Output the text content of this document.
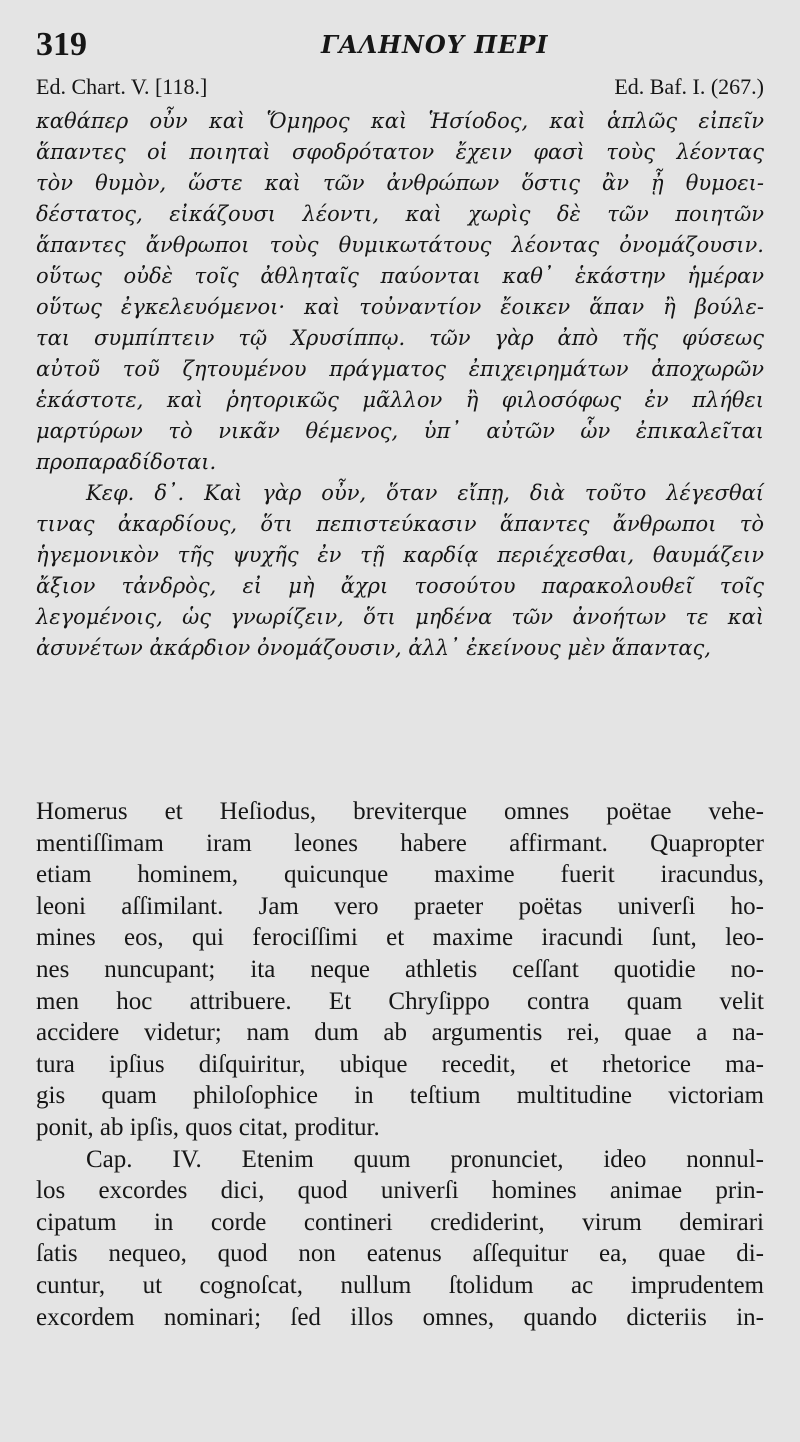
319	ΓΑΛΗΝΟΥ ΠΕΡΙ
Ed. Chart. V. [118.]	Ed. Baf. I. (267.)
καθάπερ οὖν καὶ Ὅμηρος καὶ Ἡσίοδος, καὶ ἁπλῶς εἰπεῖν
ἅπαντες οἱ ποιηταὶ σφοδρότατον ἔχειν φασὶ τοὺς λέοντας
τὸν θυμὸν, ὥστε καὶ τῶν ἀνθρώπων ὅστις ἂν ᾖ θυμοει-
δέστατος, εἰκάζουσι λέοντι, καὶ χωρὶς δὲ τῶν ποιητῶν
ἅπαντες ἄνθρωποι τοὺς θυμικωτάτους λέοντας ὀνομάζουσιν.
οὕτως οὐδὲ τοῖς ἀθληταῖς παύονται καθ᾽ ἑκάστην ἡμέραν
οὕτως ἐγκελευόμενοι· καὶ τοὐναντίον ἔοικεν ἅπαν ἢ βούλε-
ται συμπίπτειν τῷ Χρυσίππῳ. τῶν γὰρ ἀπὸ τῆς φύσεως
αὐτοῦ τοῦ ζητουμένου πράγματος ἐπιχειρημάτων ἀποχωρῶν
ἑκάστοτε, καὶ ῥητορικῶς μᾶλλον ἢ φιλοσόφως ἐν πλήθει
μαρτύρων τὸ νικᾶν θέμενος, ὑπ᾽ αὐτῶν ὧν ἐπικαλεῖται
προπαραδίδοται.
Κεφ. δ᾽. Καὶ γὰρ οὖν, ὅταν εἴπῃ, διὰ τοῦτο λέγεσθαί
τινας ἀκαρδίους, ὅτι πεπιστεύκασιν ἅπαντες ἄνθρωποι τὸ
ἡγεμονικὸν τῆς ψυχῆς ἐν τῇ καρδίᾳ περιέχεσθαι, θαυμάζειν
ἄξιον τἀνδρὸς, εἰ μὴ ἄχρι τοσούτου παρακολουθεῖ τοῖς
λεγομένοις, ὡς γνωρίζειν, ὅτι μηδένα τῶν ἀνοήτων τε καὶ
ἀσυνέτων ἀκάρδιον ὀνομάζουσιν, ἀλλ᾽ ἐκείνους μὲν ἅπαντας,
Homerus et Heſiodus, breviterque omnes poëtae vehe-
mentiſſimam iram leones habere affirmant. Quapropter
etiam hominem, quicunque maxime fuerit iracundus,
leoni aſſimilant. Jam vero praeter poëtas univerſi ho-
mines eos, qui ferociſſimi et maxime iracundi ſunt, leo-
nes nuncupant; ita neque athletis ceſſant quotidie no-
men hoc attribuere. Et Chryſippo contra quam velit
accidere videtur; nam dum ab argumentis rei, quae a na-
tura ipſius diſquiritur, ubique recedit, et rhetorice ma-
gis quam philoſophice in teſtium multitudine victoriam
ponit, ab ipſis, quos citat, proditur.
Cap. IV. Etenim quum pronunciet, ideo nonnul-
los excordes dici, quod univerſi homines animae prin-
cipatum in corde contineri crediderint, virum demirari
ſatis nequeo, quod non eatenus aſſequitur ea, quae di-
cuntur, ut cognoſcat, nullum ſtolidum ac imprudentem
excordem nominari; ſed illos omnes, quando dicteriis in-
